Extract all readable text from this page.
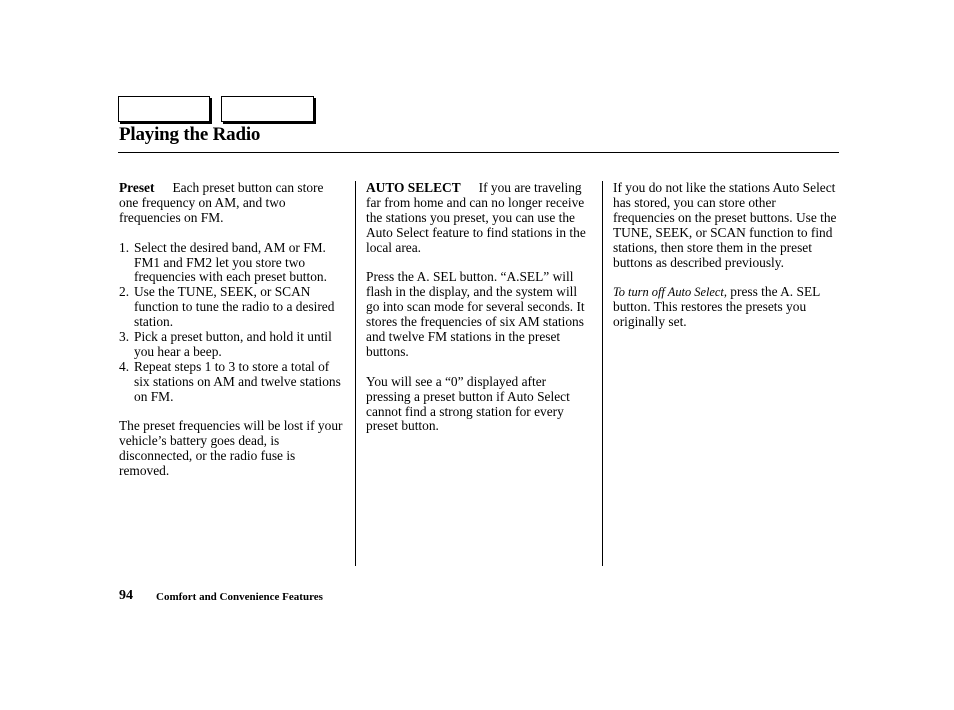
Playing the Radio

Preset Each preset button can store one frequency on AM, and two frequencies on FM.

1. Select the desired band, AM or FM. FM1 and FM2 let you store two frequencies with each preset button.
2. Use the TUNE, SEEK, or SCAN function to tune the radio to a desired station.
3. Pick a preset button, and hold it until you hear a beep.
4. Repeat steps 1 to 3 to store a total of six stations on AM and twelve stations on FM.

The preset frequencies will be lost if your vehicle’s battery goes dead, is disconnected, or the radio fuse is removed.

AUTO SELECT If you are traveling far from home and can no longer receive the stations you preset, you can use the Auto Select feature to find stations in the local area.

Press the A. SEL button. “A.SEL” will flash in the display, and the system will go into scan mode for several seconds. It stores the frequencies of six AM stations and twelve FM stations in the preset buttons.

You will see a “0” displayed after pressing a preset button if Auto Select cannot find a strong station for every preset button.

If you do not like the stations Auto Select has stored, you can store other frequencies on the preset buttons. Use the TUNE, SEEK, or SCAN function to find stations, then store them in the preset buttons as described previously.

To turn off Auto Select, press the A. SEL button. This restores the presets you originally set.

94 Comfort and Convenience Features
